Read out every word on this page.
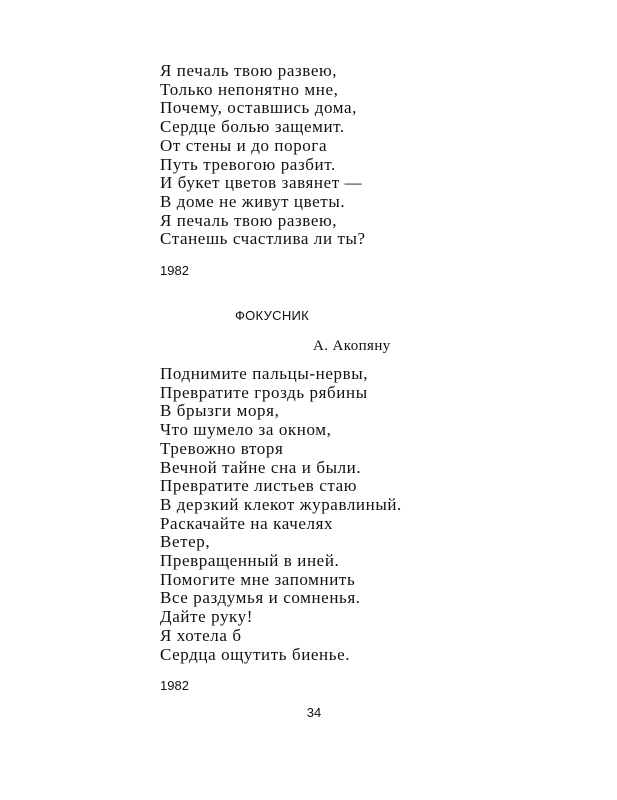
Я печаль твою развею,
Только непонятно мне,
Почему, оставшись дома,
Сердце болью защемит.
От стены и до порога
Путь тревогою разбит.
И букет цветов завянет —
В доме не живут цветы.
Я печаль твою развею,
Станешь счастлива ли ты?
1982
ФОКУСНИК
А. Акопяну
Поднимите пальцы-нервы,
Превратите гроздь рябины
В брызги моря,
Что шумело за окном,
Тревожно вторя
Вечной тайне сна и были.
Превратите листьев стаю
В дерзкий клекот журавлиный.
Раскачайте на качелях
Ветер,
Превращенный в иней.
Помогите мне запомнить
Все раздумья и сомненья.
Дайте руку!
Я хотела б
Сердца ощутить биенье.
1982
34
